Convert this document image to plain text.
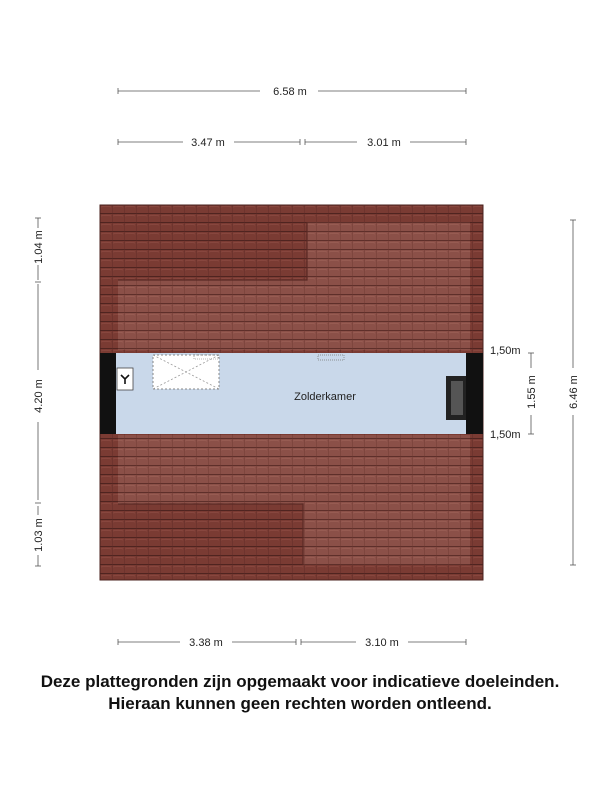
Zolderkamer
6.58 m
3.47 m	3.01 m
3.38 m	3.10 m
1.04 m
4.20 m
1.03 m
6.46 m
1.55 m
1,50m
1,50m
Deze plattegronden zijn opgemaakt voor indicatieve doeleinden.
Hieraan kunnen geen rechten worden ontleend.
